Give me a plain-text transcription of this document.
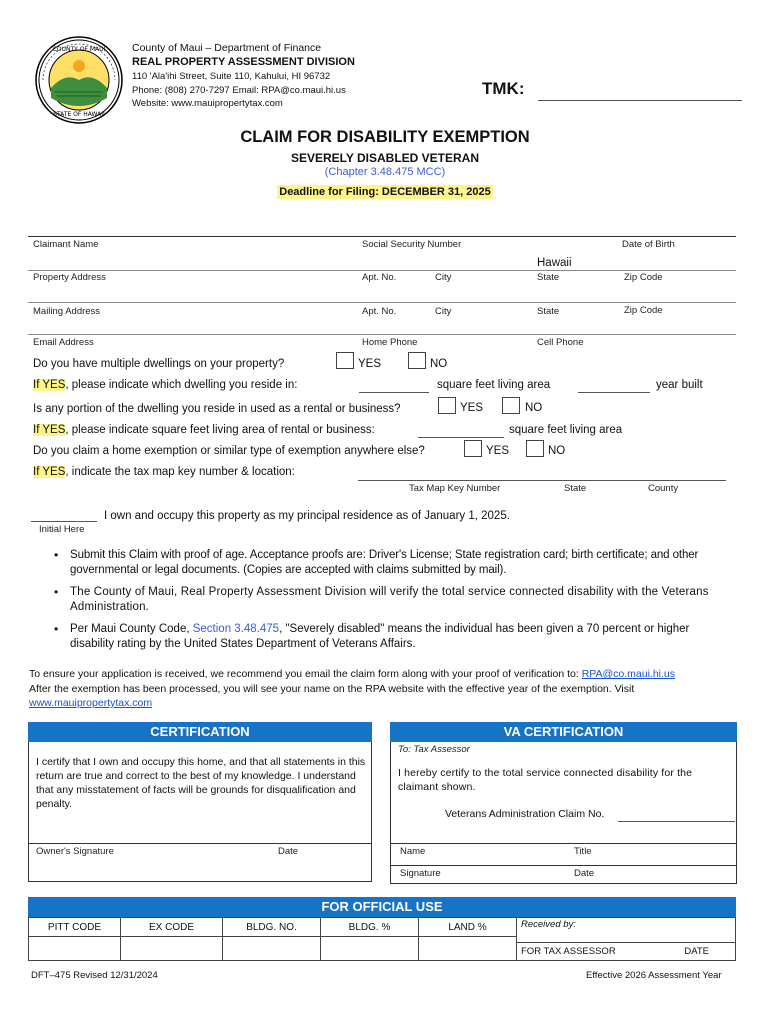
COUNTY OF MAUI
STATE OF HAWAII
County of Maui – Department of Finance
REAL PROPERTY ASSESSMENT DIVISION
110 'Ala'ihi Street, Suite 110, Kahului, HI 96732
Phone: (808) 270-7297 Email: RPA@co.maui.hi.us
Website: www.mauipropertytax.com
TMK:
CLAIM FOR DISABILITY EXEMPTION
SEVERELY DISABLED VETERAN
(Chapter 3.48.475 MCC)
Deadline for Filing: DECEMBER 31, 2025
Claimant Name	Social Security Number	Date of Birth
Hawaii
Property Address	Apt. No.	City	State	Zip Code
Mailing Address	Apt. No.	City	State	Zip Code
Email Address	Home Phone	Cell Phone
Do you have multiple dwellings on your property?	YES	NO
If YES, please indicate which dwelling you reside in:	square feet living area	year built
Is any portion of the dwelling you reside in used as a rental or business?	YES	NO
If YES, please indicate square feet living area of rental or business:	square feet living area
Do you claim a home exemption or similar type of exemption anywhere else?	YES	NO
If YES, indicate the tax map key number & location:
Tax Map Key Number	State	County
I own and occupy this property as my principal residence as of January 1, 2025.
Initial Here
• Submit this Claim with proof of age. Acceptance proofs are: Driver's License; State registration card; birth certificate; and other governmental or legal documents. (Copies are accepted with claims submitted by mail).
• The County of Maui, Real Property Assessment Division will verify the total service connected disability with the Veterans Administration.
• Per Maui County Code, Section 3.48.475, "Severely disabled" means the individual has been given a 70 percent or higher disability rating by the United States Department of Veterans Affairs.
To ensure your application is received, we recommend you email the claim form along with your proof of verification to: RPA@co.maui.hi.us
After the exemption has been processed, you will see your name on the RPA website with the effective year of the exemption. Visit
www.mauipropertytax.com
CERTIFICATION
I certify that I own and occupy this home, and that all statements in this return are true and correct to the best of my knowledge. I understand that any misstatement of facts will be grounds for disqualification and penalty.
Owner's Signature	Date
VA CERTIFICATION
To: Tax Assessor
I hereby certify to the total service connected disability for the claimant shown.
Veterans Administration Claim No.
Name	Title
Signature	Date
FOR OFFICIAL USE
PITT CODE	EX CODE	BLDG. NO.	BLDG. %	LAND %	Received by:
FOR TAX ASSESSOR DATE

DFT–475 Revised 12/31/2024	Effective 2026 Assessment Year
